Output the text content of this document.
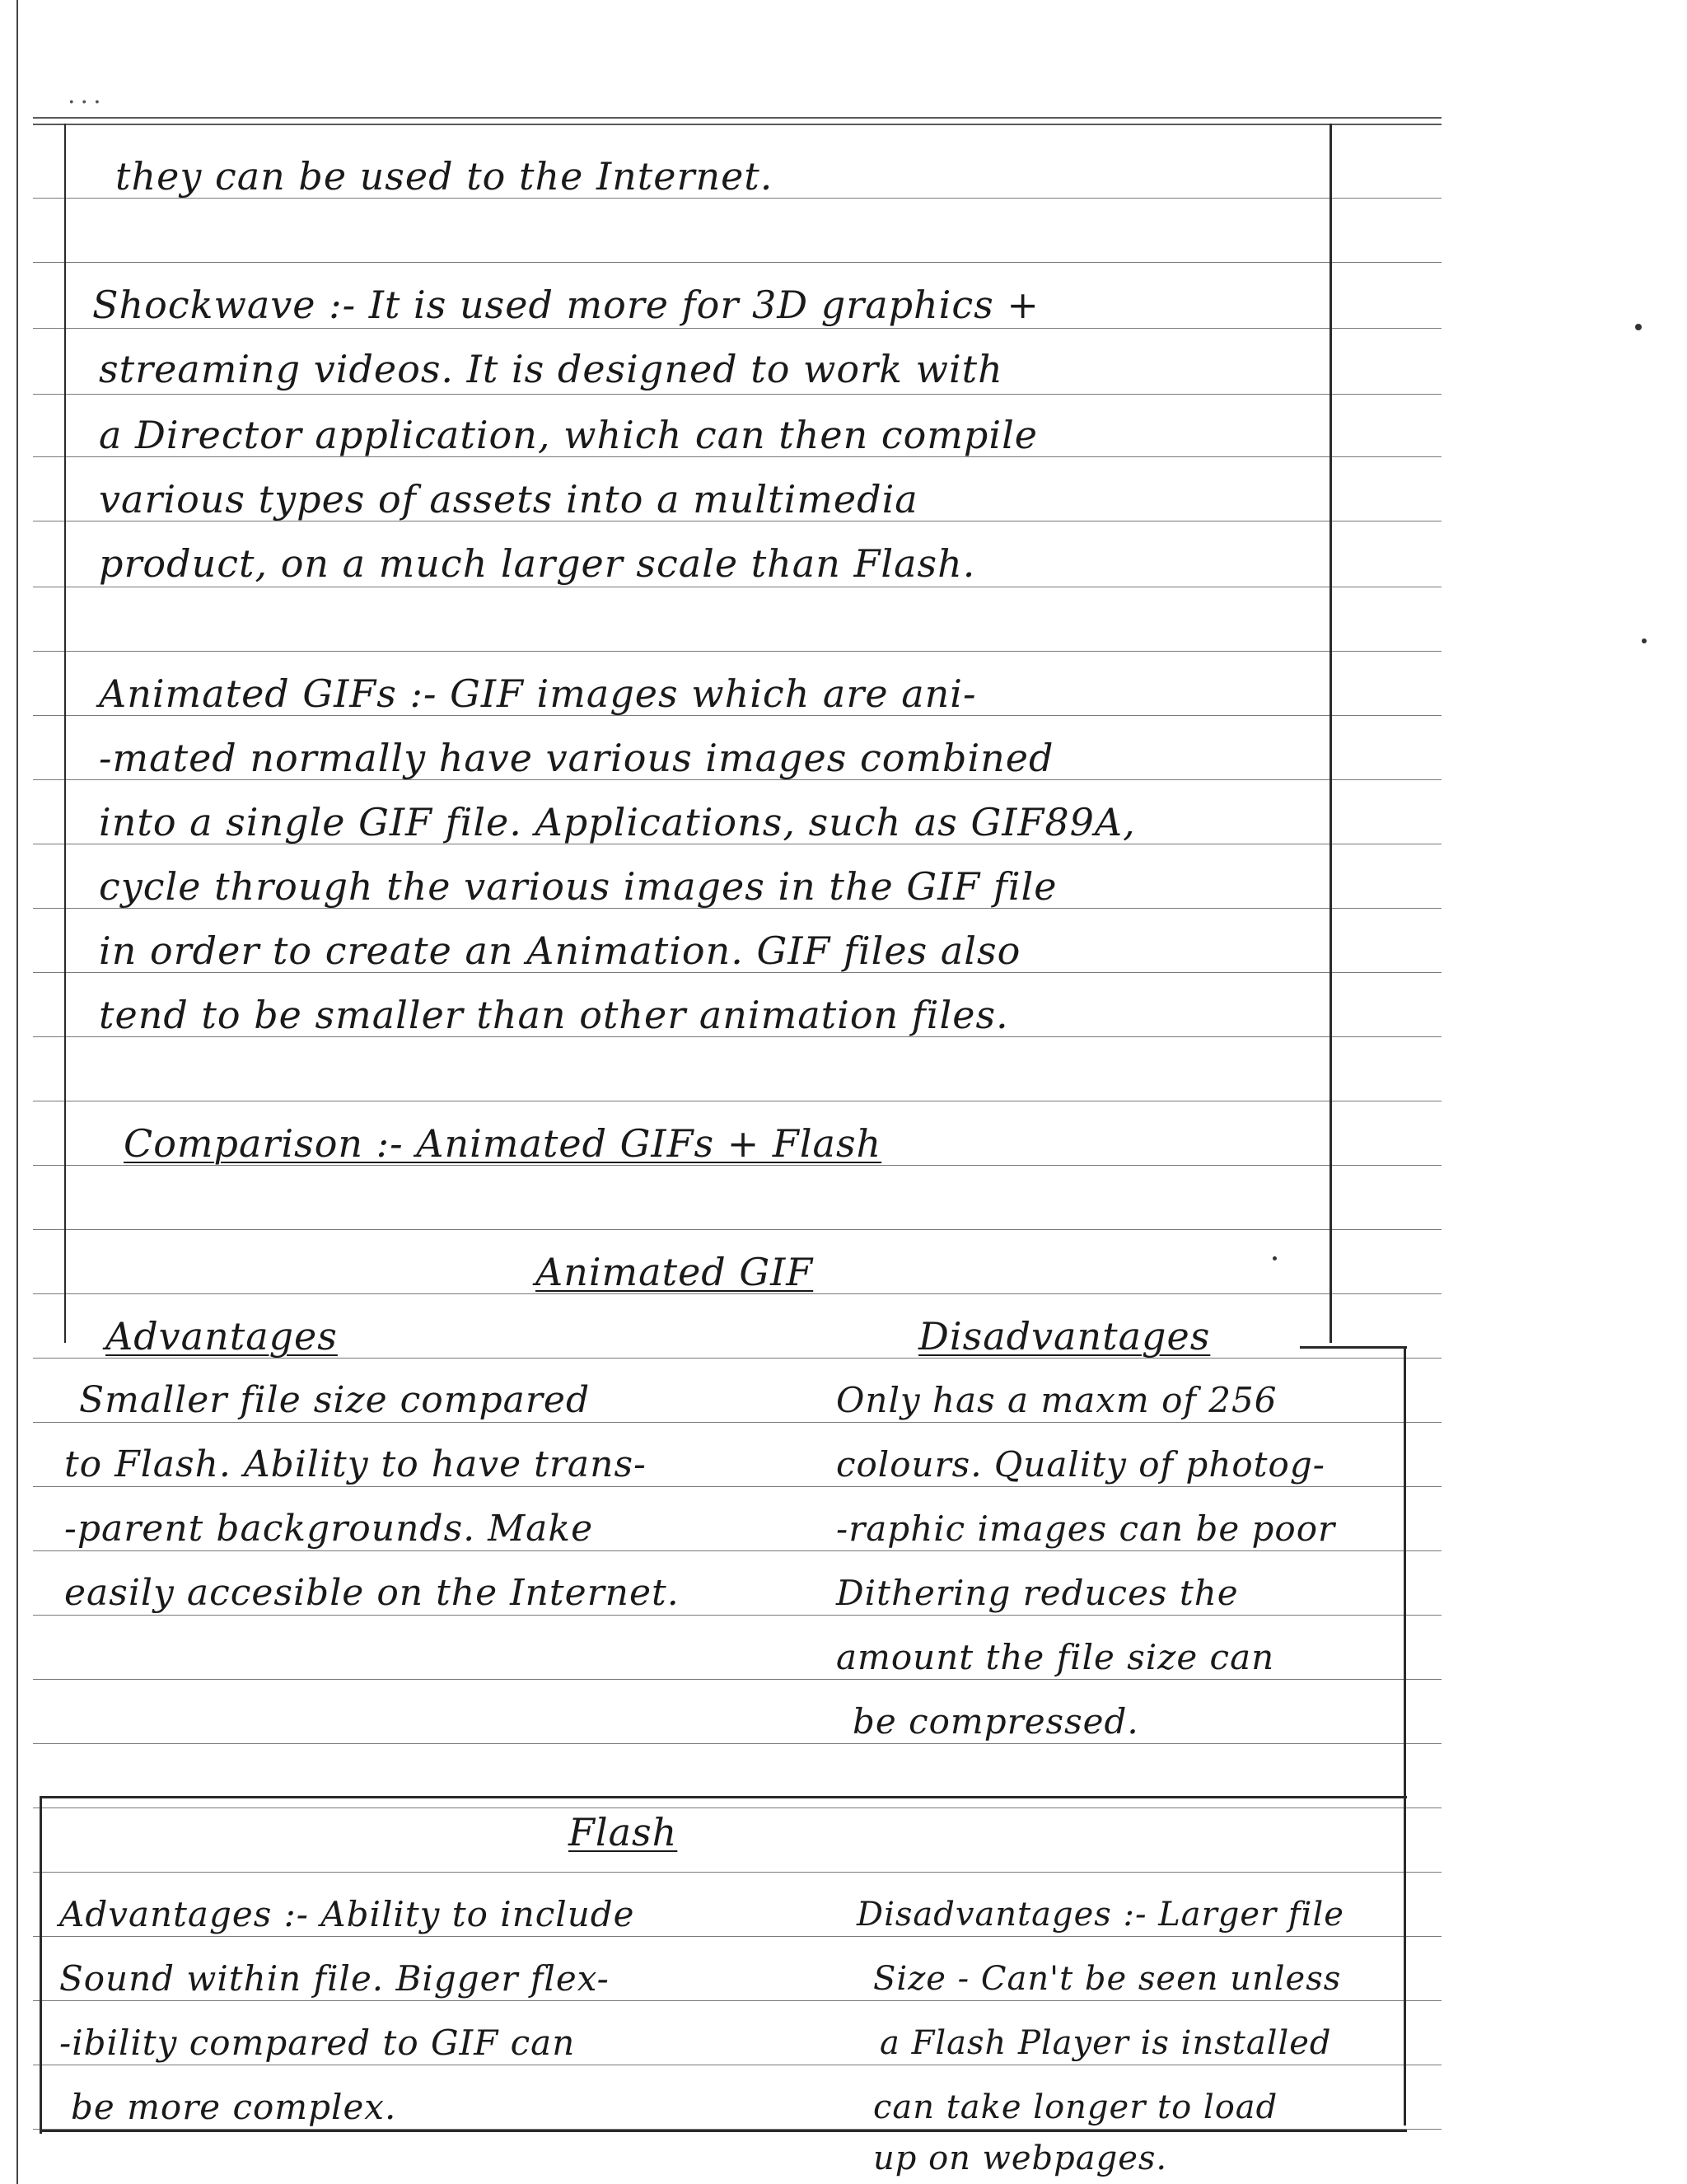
...
they can be used to the Internet.
Shockwave :- It is used more for 3D graphics +
streaming videos. It is designed to work with
a Director application, which can then compile
various types of assets into a multimedia
product, on a much larger scale than Flash.
Animated GIFs :- GIF images which are ani-
-mated normally have various images combined
into a single GIF file. Applications, such as GIF89A,
cycle through the various images in the GIF file
in order to create an Animation. GIF files also
tend to be smaller than other animation files.
Comparison :- Animated GIFs + Flash
Animated GIF
Advantages	Disadvantages
Smaller file size compared
to Flash. Ability to have trans-
-parent backgrounds. Make
easily accesible on the Internet.
Only has a maxm of 256
colours. Quality of photog-
-raphic images can be poor
Dithering reduces the
amount the file size can
be compressed.
Flash
Advantages :- Ability to include
Sound within file. Bigger flex-
-ibility compared to GIF can
be more complex.
Disadvantages :- Larger file
Size - Can't be seen unless
a Flash Player is installed
can take longer to load
up on webpages.
